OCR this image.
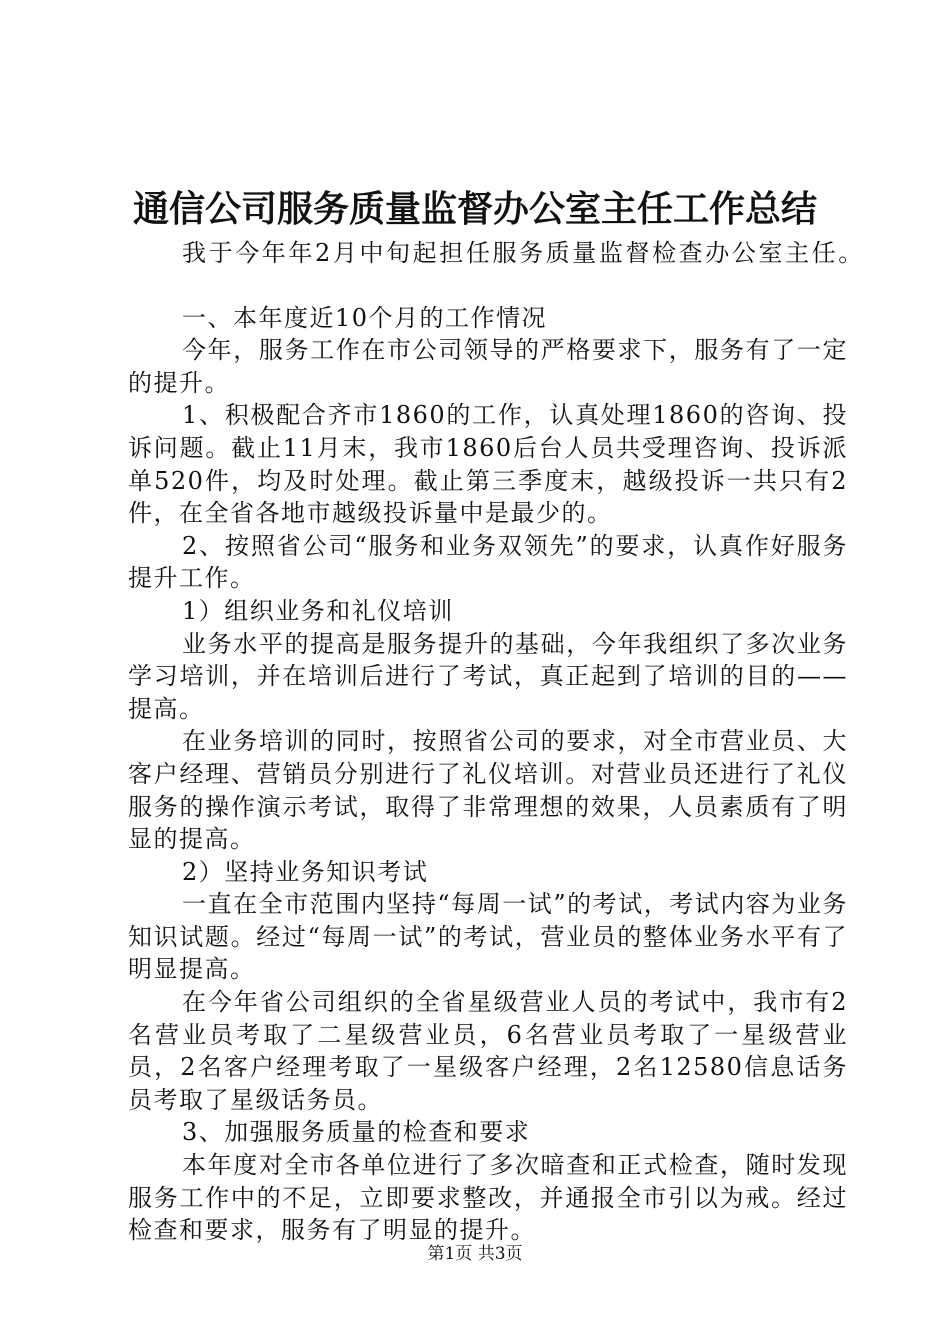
通信公司服务质量监督办公室主任工作总结

我于今年年2月中旬起担任服务质量监督检查办公室主任。

一、本年度近10个月的工作情况

今年，服务工作在市公司领导的严格要求下，服务有了一定的提升。

1、积极配合齐市1860的工作，认真处理1860的咨询、投诉问题。截止11月末，我市1860后台人员共受理咨询、投诉派单520件，均及时处理。截止第三季度末，越级投诉一共只有2件，在全省各地市越级投诉量中是最少的。

2、按照省公司“服务和业务双领先”的要求，认真作好服务提升工作。

1）组织业务和礼仪培训

业务水平的提高是服务提升的基础，今年我组织了多次业务学习培训，并在培训后进行了考试，真正起到了培训的目的——提高。

在业务培训的同时，按照省公司的要求，对全市营业员、大客户经理、营销员分别进行了礼仪培训。对营业员还进行了礼仪服务的操作演示考试，取得了非常理想的效果，人员素质有了明显的提高。

2）坚持业务知识考试

一直在全市范围内坚持“每周一试”的考试，考试内容为业务知识试题。经过“每周一试”的考试，营业员的整体业务水平有了明显提高。

在今年省公司组织的全省星级营业人员的考试中，我市有2名营业员考取了二星级营业员，6名营业员考取了一星级营业员，2名客户经理考取了一星级客户经理，2名12580信息话务员考取了星级话务员。

3、加强服务质量的检查和要求

本年度对全市各单位进行了多次暗查和正式检查，随时发现服务工作中的不足，立即要求整改，并通报全市引以为戒。经过检查和要求，服务有了明显的提升。

第1页 共3页
